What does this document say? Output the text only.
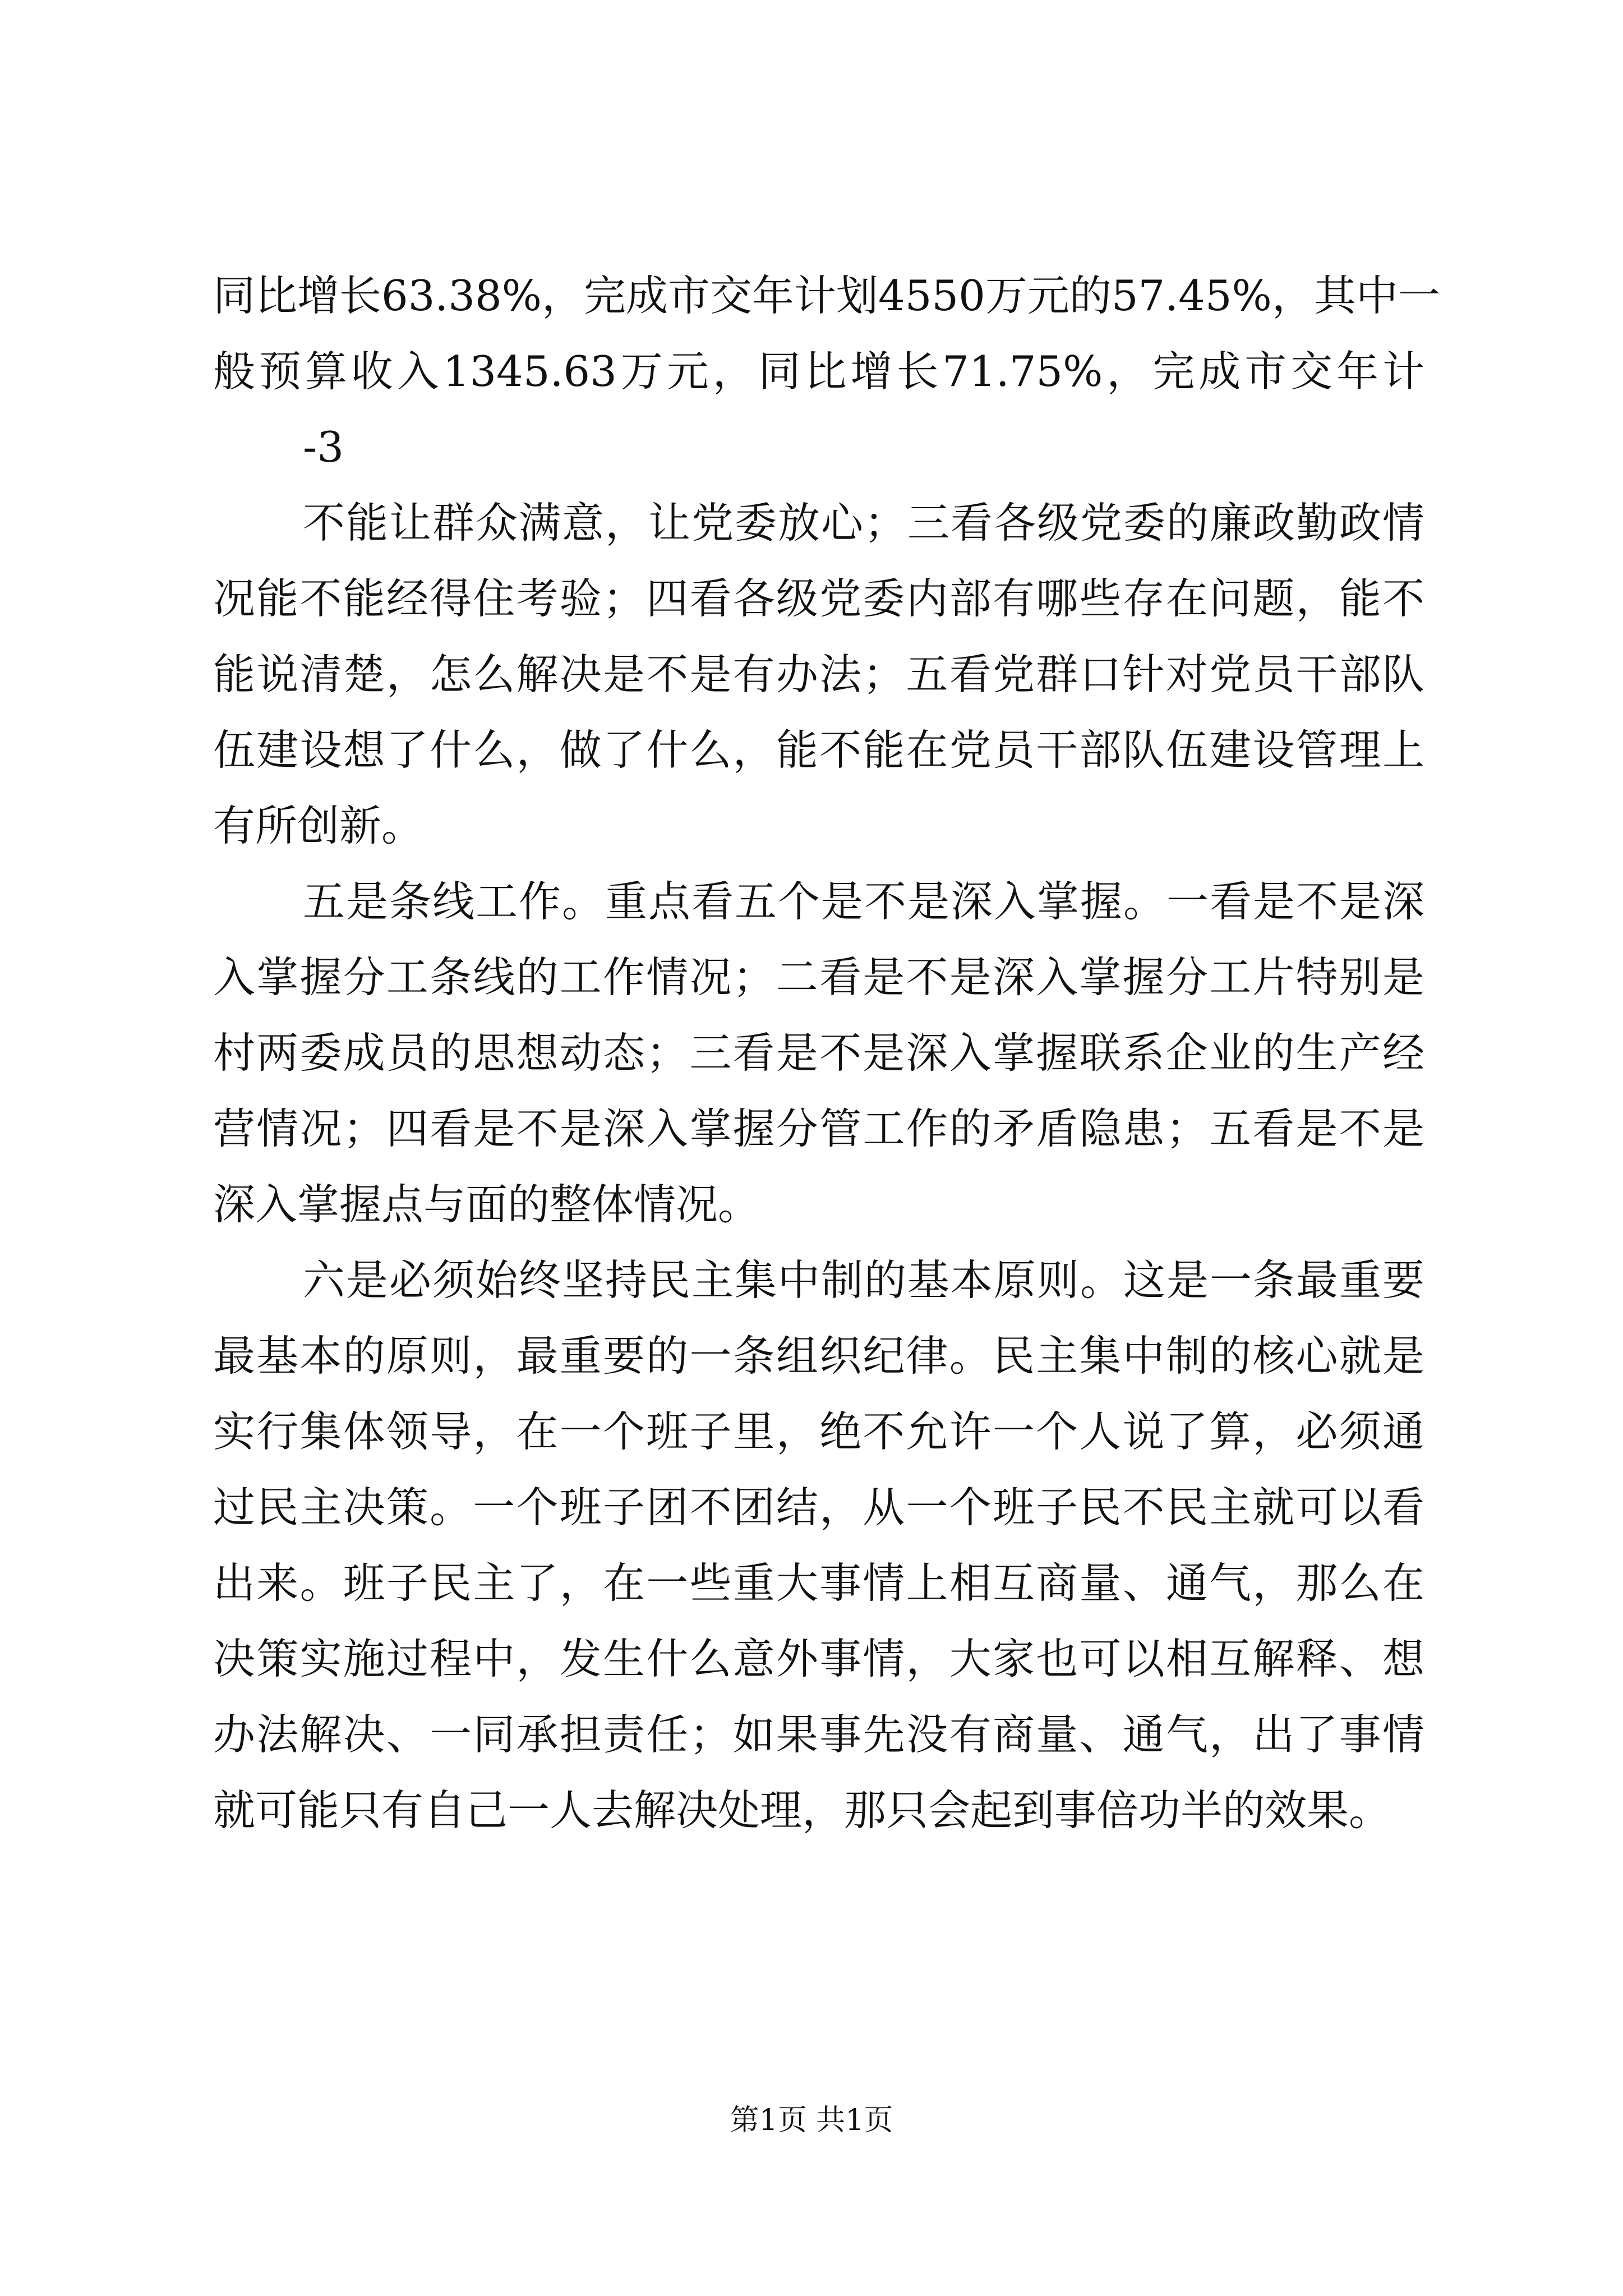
同比增长63.38%，完成市交年计划4550万元的57.45%，其中一
般预算收入1345.63万元，同比增长71.75%，完成市交年计
-3
不能让群众满意，让党委放心；三看各级党委的廉政勤政情
况能不能经得住考验；四看各级党委内部有哪些存在问题，能不
能说清楚，怎么解决是不是有办法；五看党群口针对党员干部队
伍建设想了什么，做了什么，能不能在党员干部队伍建设管理上
有所创新。
五是条线工作。重点看五个是不是深入掌握。一看是不是深
入掌握分工条线的工作情况；二看是不是深入掌握分工片特别是
村两委成员的思想动态；三看是不是深入掌握联系企业的生产经
营情况；四看是不是深入掌握分管工作的矛盾隐患；五看是不是
深入掌握点与面的整体情况。
六是必须始终坚持民主集中制的基本原则。这是一条最重要
最基本的原则，最重要的一条组织纪律。民主集中制的核心就是
实行集体领导，在一个班子里，绝不允许一个人说了算，必须通
过民主决策。一个班子团不团结，从一个班子民不民主就可以看
出来。班子民主了，在一些重大事情上相互商量、通气，那么在
决策实施过程中，发生什么意外事情，大家也可以相互解释、想
办法解决、一同承担责任；如果事先没有商量、通气，出了事情
就可能只有自己一人去解决处理，那只会起到事倍功半的效果。
第1页 共1页
